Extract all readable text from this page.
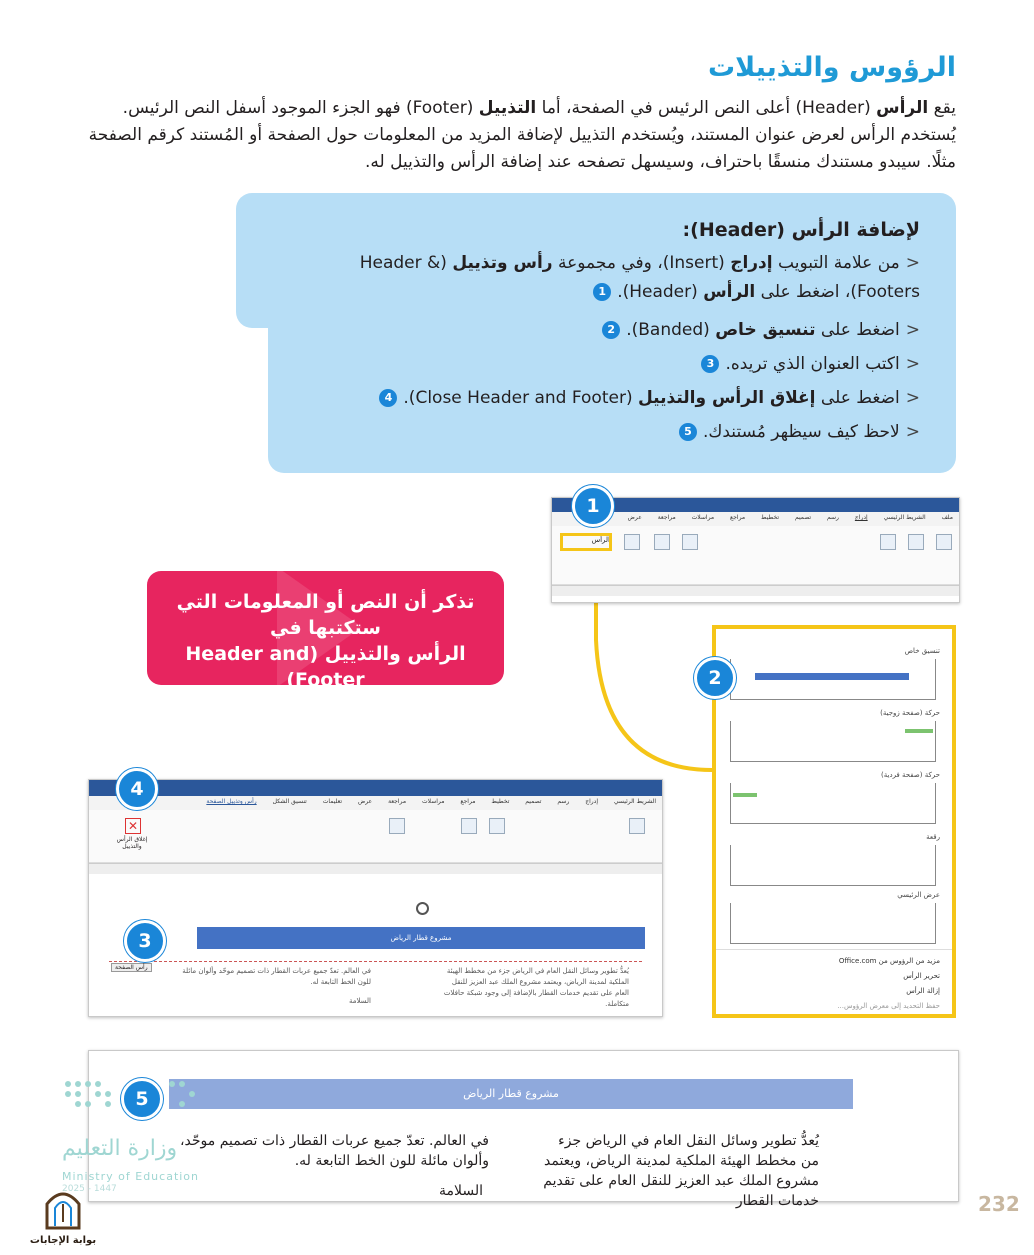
الرؤوس والتذييلات

يقع الرأس (Header) أعلى النص الرئيس في الصفحة، أما التذييل (Footer) فهو الجزء الموجود أسفل النص الرئيس.

يُستخدم الرأس لعرض عنوان المستند، ويُستخدم التذييل لإضافة المزيد من المعلومات حول الصفحة أو المُستند كرقم الصفحة مثلًا. سيبدو مستندك منسقًا باحتراف، وسيسهل تصفحه عند إضافة الرأس والتذييل له.

لإضافة الرأس (Header):
<من علامة التبويب إدراج (Insert)، وفي مجموعة رأس وتذييل (Header & Footers)، اضغط على الرأس (Header).1
<اضغط على تنسيق خاص (Banded).2
<اكتب العنوان الذي تريده.3
<اضغط على إغلاق الرأس والتذييل (Close Header and Footer).4
<لاحظ كيف سيظهر مُستندك.5
تذكر أن النص أو المعلومات التي ستكتبها في
الرأس والتذييل (Header and Footer)
ستتكرر في كل صفحة من صفحات المستند.
ملف الشريط الرئيسي إدراج رسم تصميم تخطيط مراجع مراسلات مراجعة عرض
الرأس
تنسيق خاص
حركة (صفحة زوجية)
حركة (صفحة فردية)
رقعة
عرض الرئيسي
مزيد من الرؤوس من Office.com
تحرير الرأس
إزالة الرأس
حفظ التحديد إلى معرض الرؤوس...
الشريط الرئيسي إدراج رسم تصميم تخطيط مراجع مراسلات مراجعة عرض تعليمات تنسيق الشكل رأس وتذييل الصفحة
✕
إغلاق الرأس والتذييل
مشروع قطار الرياض
رأس الصفحة	يُعدُّ تطوير وسائل النقل العام في الرياض جزء من مخطط الهيئة الملكية لمدينة الرياض، ويعتمد مشروع الملك عبد العزيز للنقل العام على تقديم خدمات القطار بالإضافة إلى وجود شبكة حافلات متكاملة.
في العالم. تعدّ جميع عربات القطار ذات تصميم موحّد وألوان مائلة للون الخط التابعة له.
السلامة
مشروع قطار الرياض
يُعدُّ تطوير وسائل النقل العام في الرياض جزء من مخطط الهيئة الملكية لمدينة الرياض، ويعتمد مشروع الملك عبد العزيز للنقل العام على تقديم خدمات القطار
في العالم. تعدّ جميع عربات القطار ذات تصميم موحّد، وألوان مائلة للون الخط التابعة له.
السلامة
1
2
3
4
5
وزارة التعليم
Ministry of Education
2025 - 1447
232
بوابة الإجابات
